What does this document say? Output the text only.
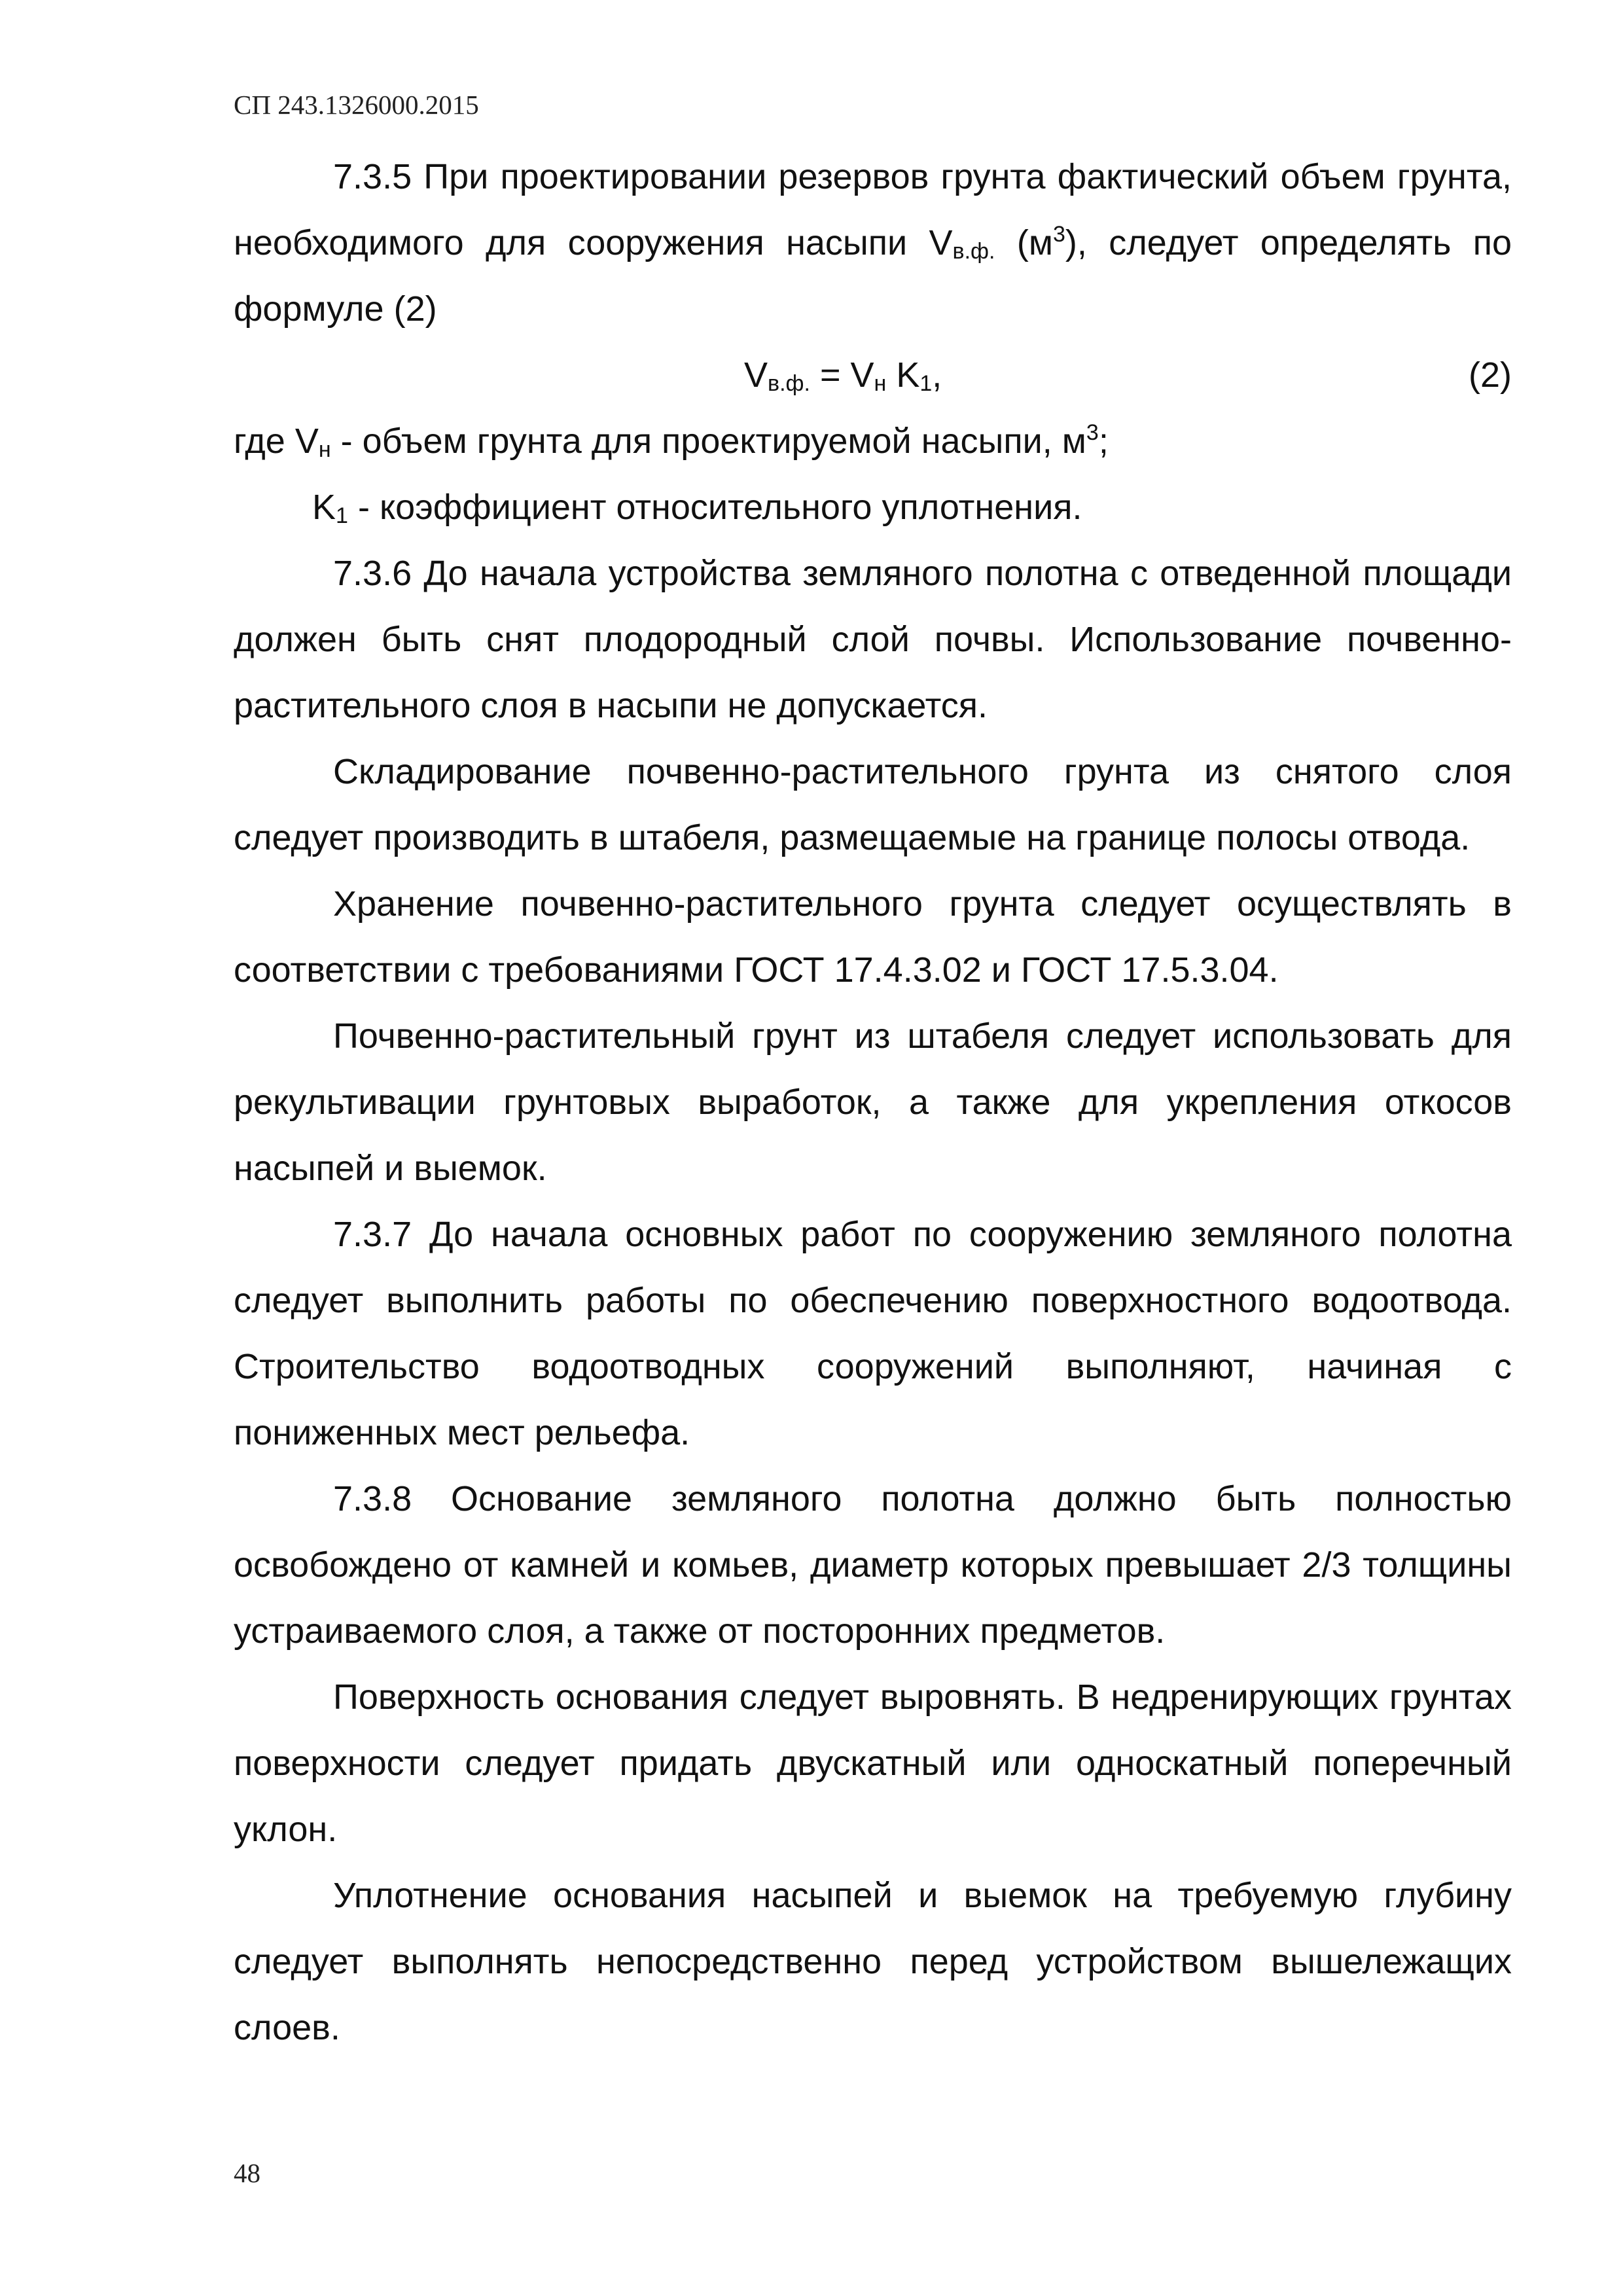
СП 243.1326000.2015

7.3.5 При проектировании резервов грунта фактический объем грунта, необходимого для сооружения насыпи $V_{в.ф.}$ $(м^3)$, следует определять по формуле (2)

$V_{в.ф.} = V_н$ $K_1$,	(2)

где $V_н$ - объем грунта для проектируемой насыпи, $м^3$;

$K_1$ - коэффициент относительного уплотнения.

7.3.6 До начала устройства земляного полотна с отведенной площади должен быть снят плодородный слой почвы. Использование почвенно-растительного слоя в насыпи не допускается.

Складирование почвенно-растительного грунта из снятого слоя следует производить в штабеля, размещаемые на границе полосы отвода.

Хранение почвенно-растительного грунта следует осуществлять в соответствии с требованиями ГОСТ 17.4.3.02 и ГОСТ 17.5.3.04.

Почвенно-растительный грунт из штабеля следует использовать для рекультивации грунтовых выработок, а также для укрепления откосов насыпей и выемок.

7.3.7 До начала основных работ по сооружению земляного полотна следует выполнить работы по обеспечению поверхностного водоотвода. Строительство водоотводных сооружений выполняют, начиная с пониженных мест рельефа.

7.3.8 Основание земляного полотна должно быть полностью освобождено от камней и комьев, диаметр которых превышает 2/3 толщины устраиваемого слоя, а также от посторонних предметов.

Поверхность основания следует выровнять. В недренирующих грунтах поверхности следует придать двускатный или односкатный поперечный уклон.

Уплотнение основания насыпей и выемок на требуемую глубину следует выполнять непосредственно перед устройством вышележащих слоев.

48
